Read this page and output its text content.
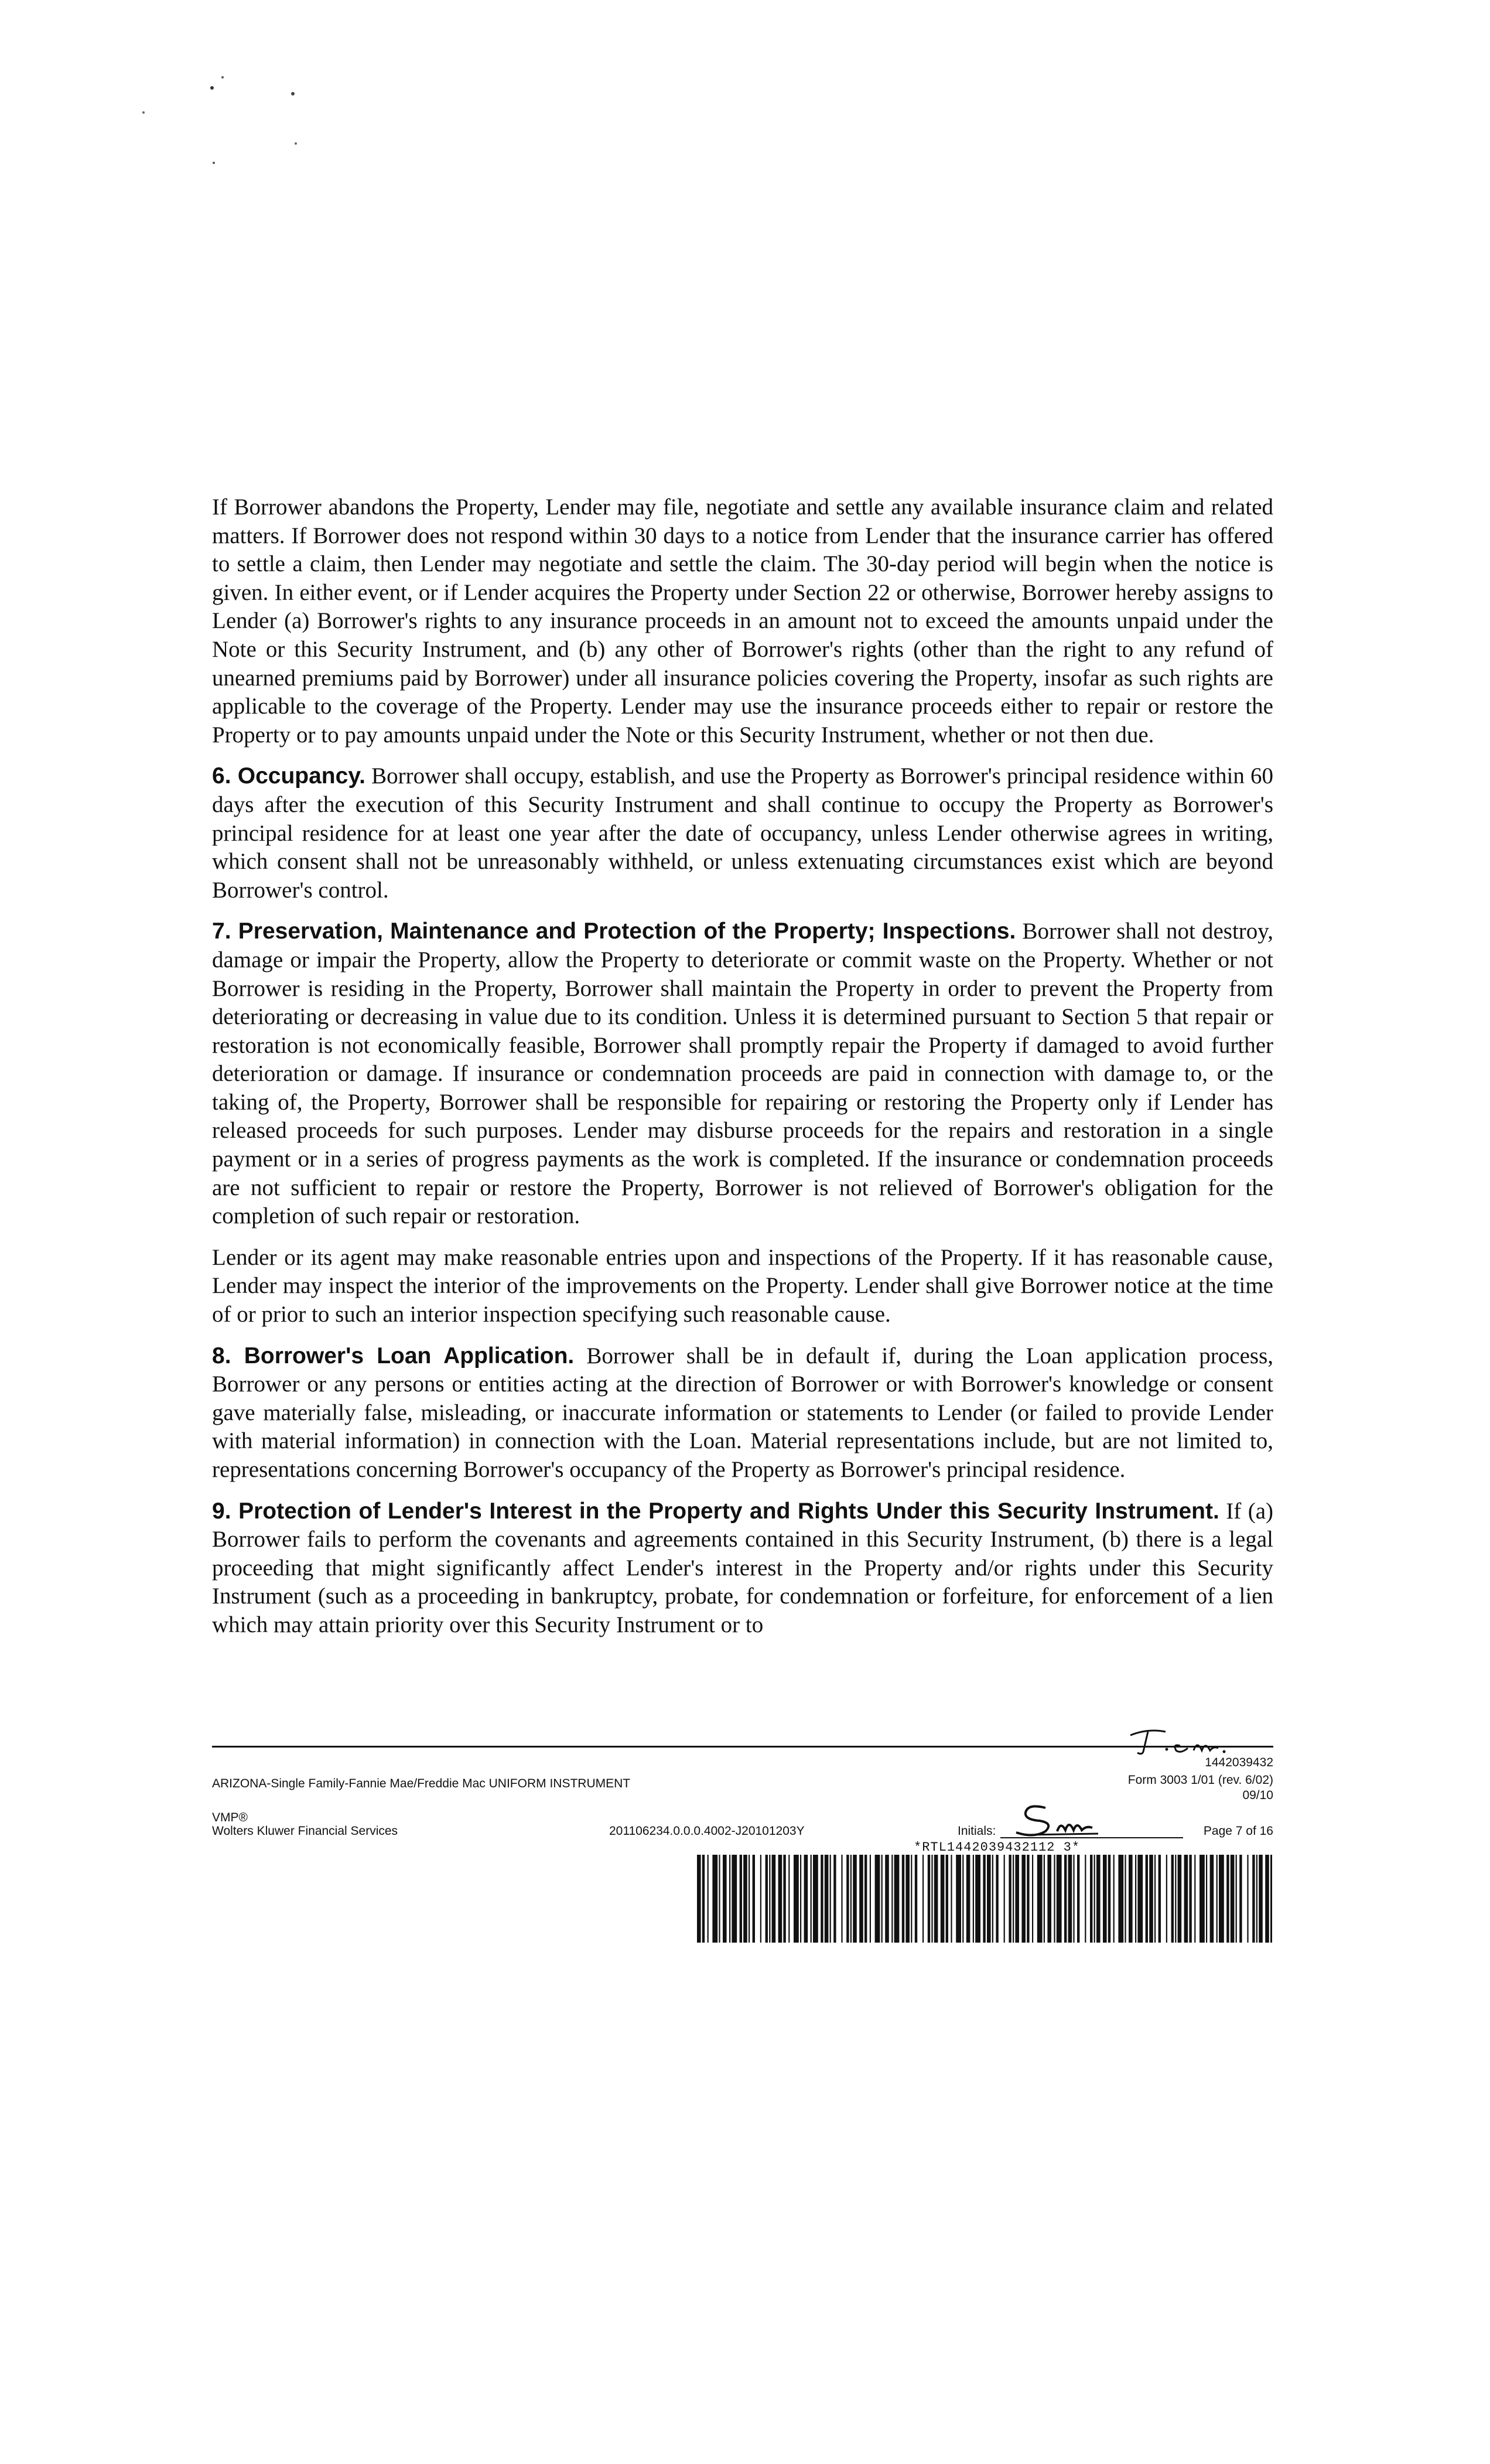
If Borrower abandons the Property, Lender may file, negotiate and settle any available insurance claim and related matters. If Borrower does not respond within 30 days to a notice from Lender that the insurance carrier has offered to settle a claim, then Lender may negotiate and settle the claim. The 30-day period will begin when the notice is given. In either event, or if Lender acquires the Property under Section 22 or otherwise, Borrower hereby assigns to Lender (a) Borrower's rights to any insurance proceeds in an amount not to exceed the amounts unpaid under the Note or this Security Instrument, and (b) any other of Borrower's rights (other than the right to any refund of unearned premiums paid by Borrower) under all insurance policies covering the Property, insofar as such rights are applicable to the coverage of the Property. Lender may use the insurance proceeds either to repair or restore the Property or to pay amounts unpaid under the Note or this Security Instrument, whether or not then due.

6. Occupancy. Borrower shall occupy, establish, and use the Property as Borrower's principal residence within 60 days after the execution of this Security Instrument and shall continue to occupy the Property as Borrower's principal residence for at least one year after the date of occupancy, unless Lender otherwise agrees in writing, which consent shall not be unreasonably withheld, or unless extenuating circumstances exist which are beyond Borrower's control.

7. Preservation, Maintenance and Protection of the Property; Inspections. Borrower shall not destroy, damage or impair the Property, allow the Property to deteriorate or commit waste on the Property. Whether or not Borrower is residing in the Property, Borrower shall maintain the Property in order to prevent the Property from deteriorating or decreasing in value due to its condition. Unless it is determined pursuant to Section 5 that repair or restoration is not economically feasible, Borrower shall promptly repair the Property if damaged to avoid further deterioration or damage. If insurance or condemnation proceeds are paid in connection with damage to, or the taking of, the Property, Borrower shall be responsible for repairing or restoring the Property only if Lender has released proceeds for such purposes. Lender may disburse proceeds for the repairs and restoration in a single payment or in a series of progress payments as the work is completed. If the insurance or condemnation proceeds are not sufficient to repair or restore the Property, Borrower is not relieved of Borrower's obligation for the completion of such repair or restoration.

Lender or its agent may make reasonable entries upon and inspections of the Property. If it has reasonable cause, Lender may inspect the interior of the improvements on the Property. Lender shall give Borrower notice at the time of or prior to such an interior inspection specifying such reasonable cause.

8. Borrower's Loan Application. Borrower shall be in default if, during the Loan application process, Borrower or any persons or entities acting at the direction of Borrower or with Borrower's knowledge or consent gave materially false, misleading, or inaccurate information or statements to Lender (or failed to provide Lender with material information) in connection with the Loan. Material representations include, but are not limited to, representations concerning Borrower's occupancy of the Property as Borrower's principal residence.

9. Protection of Lender's Interest in the Property and Rights Under this Security Instrument. If (a) Borrower fails to perform the covenants and agreements contained in this Security Instrument, (b) there is a legal proceeding that might significantly affect Lender's interest in the Property and/or rights under this Security Instrument (such as a proceeding in bankruptcy, probate, for condemnation or forfeiture, for enforcement of a lien which may attain priority over this Security Instrument or to

1442039432
ARIZONA-Single Family-Fannie Mae/Freddie Mac UNIFORM INSTRUMENT	Form 3003 1/01 (rev. 6/02)
09/10
VMP®
Wolters Kluwer Financial Services	201106234.0.0.0.4002-J20101203Y	Initials:	Page 7 of 16
*RTL1442039432112 3*
